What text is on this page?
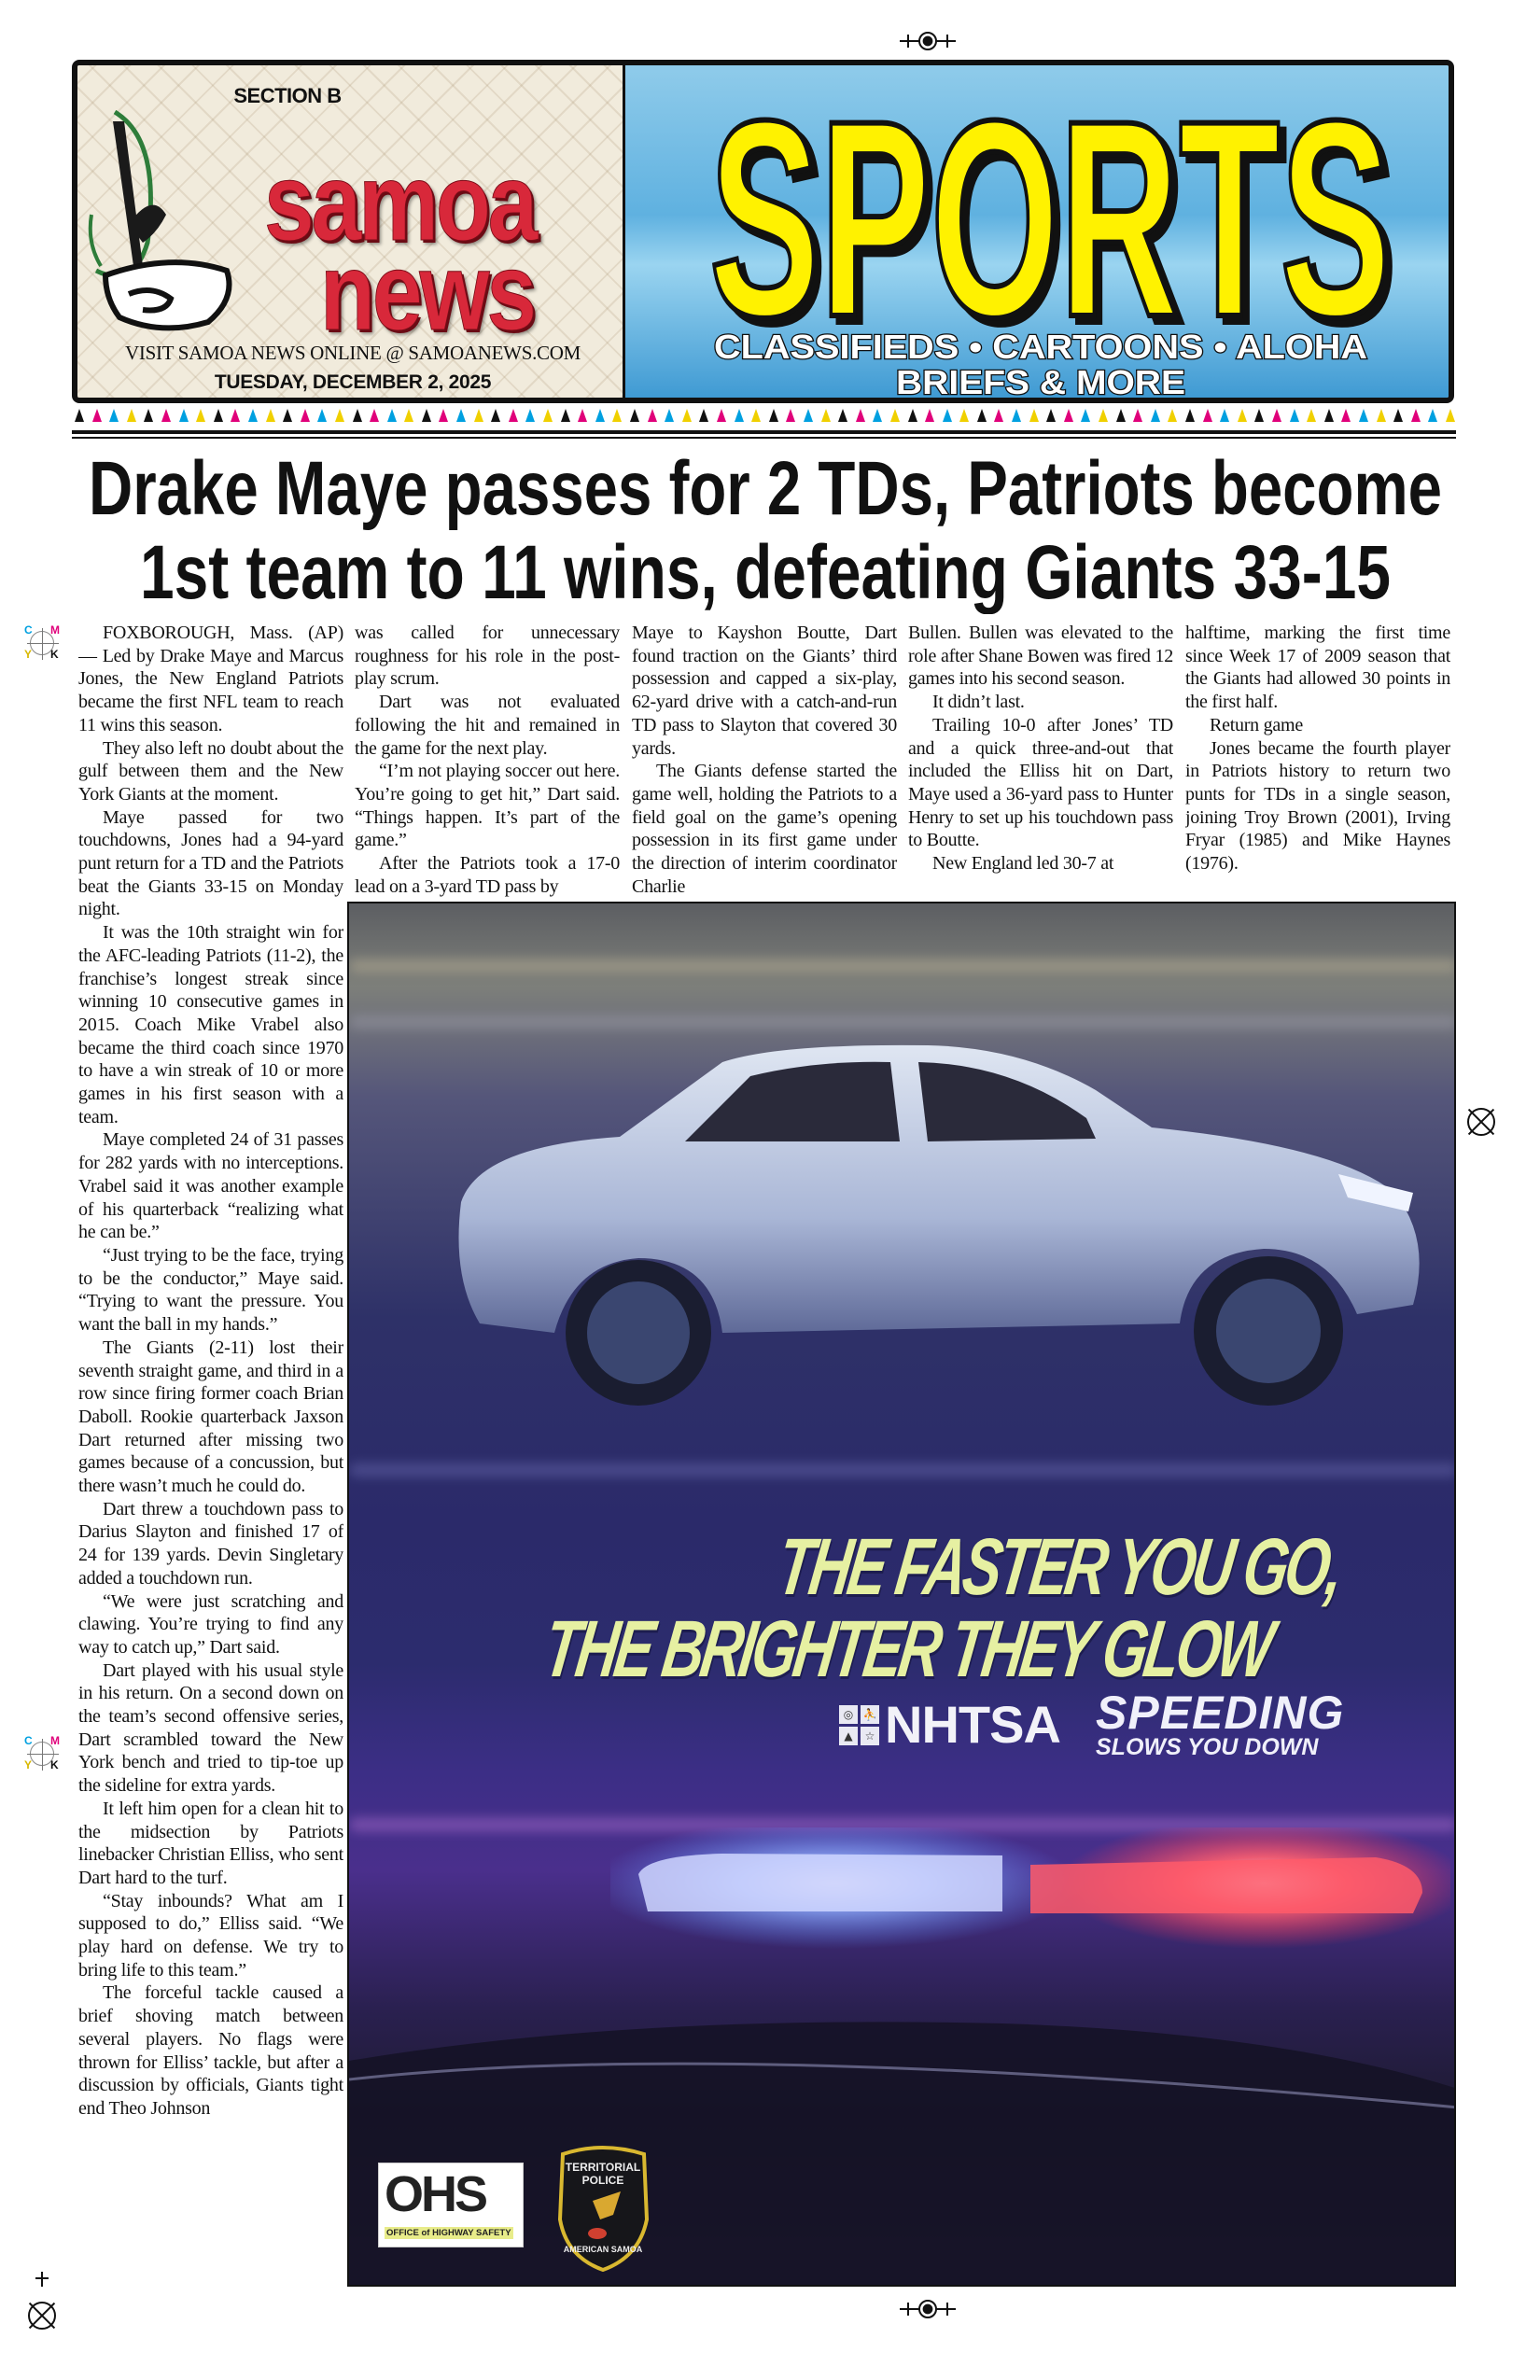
C M
Y K
C M
Y K
SECTION B
samoa
news
VISIT SAMOA NEWS ONLINE @ SAMOANEWS.COM
TUESDAY, DECEMBER 2, 2025
SPORTS
CLASSIFIEDS • CARTOONS • ALOHA
BRIEFS & MORE
Drake Maye passes for 2 TDs, Patriots become
1st team to 11 wins, defeating Giants 33-15

FOXBOROUGH, Mass. (AP) — Led by Drake Maye and Marcus Jones, the New England Patriots became the first NFL team to reach 11 wins this season.

They also left no doubt about the gulf between them and the New York Giants at the moment.

Maye passed for two touchdowns, Jones had a 94-yard punt return for a TD and the Patriots beat the Giants 33-15 on Monday night.

It was the 10th straight win for the AFC-leading Patriots (11-2), the franchise’s longest streak since winning 10 consecutive games in 2015. Coach Mike Vrabel also became the third coach since 1970 to have a win streak of 10 or more games in his first season with a team.

Maye completed 24 of 31 passes for 282 yards with no interceptions. Vrabel said it was another example of his quarterback “realizing what he can be.”

“Just trying to be the face, trying to be the conductor,” Maye said. “Trying to want the pressure. You want the ball in my hands.”

The Giants (2-11) lost their seventh straight game, and third in a row since firing former coach Brian Daboll. Rookie quarterback Jaxson Dart returned after missing two games because of a concussion, but there wasn’t much he could do.

Dart threw a touchdown pass to Darius Slayton and finished 17 of 24 for 139 yards. Devin Singletary added a touchdown run.

“We were just scratching and clawing. You’re trying to find any way to catch up,” Dart said.

Dart played with his usual style in his return. On a second down on the team’s second offensive series, Dart scrambled toward the New York bench and tried to tip-toe up the sideline for extra yards.

It left him open for a clean hit to the midsection by Patriots linebacker Christian Elliss, who sent Dart hard to the turf.

“Stay inbounds? What am I supposed to do,” Elliss said. “We play hard on defense. We try to bring life to this team.”

The forceful tackle caused a brief shoving match between several players. No flags were thrown for Elliss’ tackle, but after a discussion by officials, Giants tight end Theo Johnson

was called for unnecessary roughness for his role in the post-play scrum.

Dart was not evaluated following the hit and remained in the game for the next play.

“I’m not playing soccer out here. You’re going to get hit,” Dart said. “Things happen. It’s part of the game.”

After the Patriots took a 17-0 lead on a 3-yard TD pass by

Maye to Kayshon Boutte, Dart found traction on the Giants’ third possession and capped a six-play, 62-yard drive with a catch-and-run TD pass to Slayton that covered 30 yards.

The Giants defense started the game well, holding the Patriots to a field goal on the game’s opening possession in its first game under the direction of interim coordinator Charlie

Bullen. Bullen was elevated to the role after Shane Bowen was fired 12 games into his second season.

It didn’t last.

Trailing 10-0 after Jones’ TD and a quick three-and-out that included the Elliss hit on Dart, Maye used a 36-yard pass to Hunter Henry to set up his touchdown pass to Boutte.

New England led 30-7 at

halftime, marking the first time since Week 17 of 2009 season that the Giants had allowed 30 points in the first half.

Return game

Jones became the fourth player in Patriots history to return two punts for TDs in a single season, joining Troy Brown (2001), Irving Fryar (1985) and Mike Haynes (1976).

THE FASTER YOU GO,
THE BRIGHTER THEY GLOW
◎ ⛹
▲	☆ NHTSA SPEEDING
SLOWS YOU DOWN
OHS
OFFICE of HIGHWAY SAFETY
TERRITORIAL
POLICE
AMERICAN SAMOA
